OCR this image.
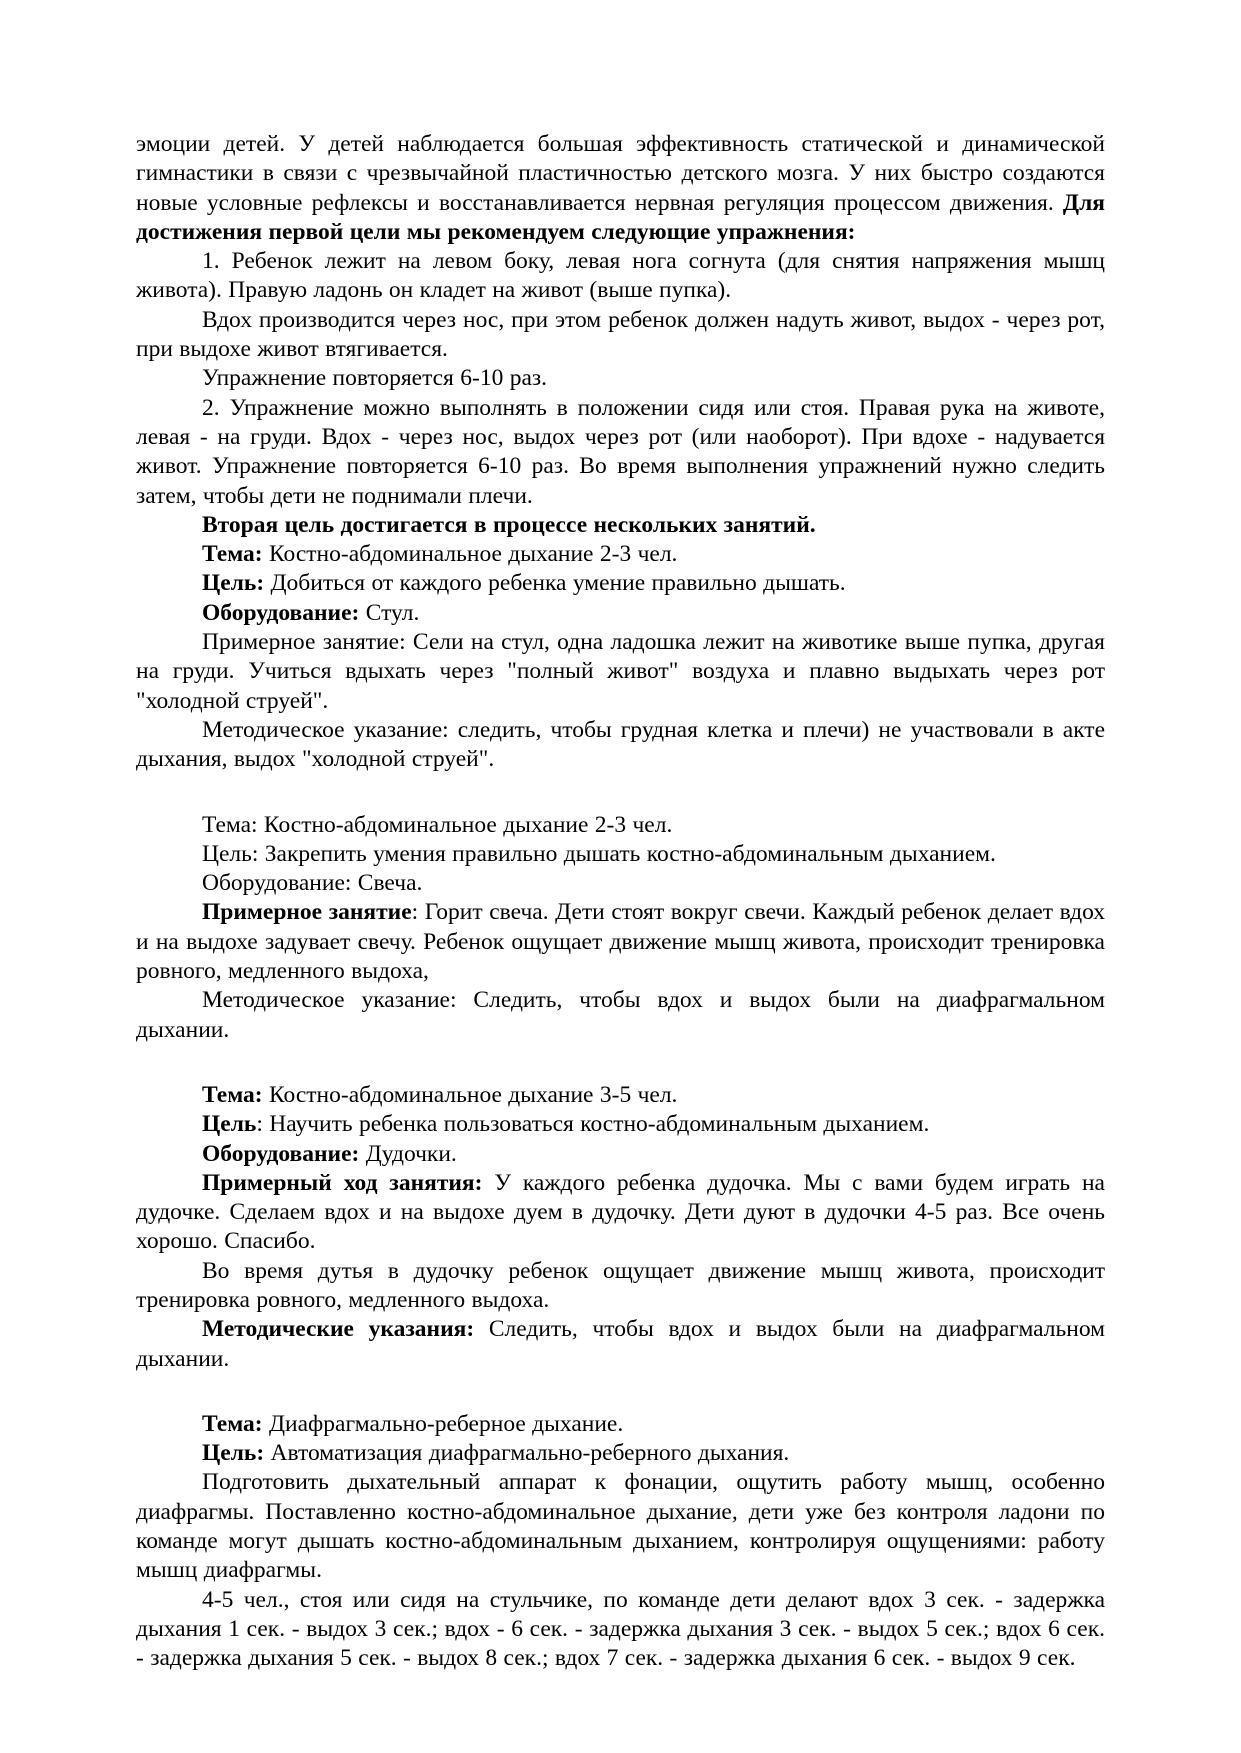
эмоции детей. У детей наблюдается большая эффективность статической и динамической гимнастики в связи с чрезвычайной пластичностью детского мозга. У них быстро создаются новые условные рефлексы и восстанавливается нервная регуляция процессом движения. Для достижения первой цели мы рекомендуем следующие упражнения:

1. Ребенок лежит на левом боку, левая нога согнута (для снятия напряжения мышц живота). Правую ладонь он кладет на живот (выше пупка).

Вдох производится через нос, при этом ребенок должен надуть живот, выдох - через рот, при выдохе живот втягивается.

Упражнение повторяется 6-10 раз.

2. Упражнение можно выполнять в положении сидя или стоя. Правая рука на животе, левая - на груди. Вдох - через нос, выдох через рот (или наоборот). При вдохе - надувается живот. Упражнение повторяется 6-10 раз. Во время выполнения упражнений нужно следить затем, чтобы дети не поднимали плечи.

Вторая цель достигается в процессе нескольких занятий.

Тема: Костно-абдоминальное дыхание 2-3 чел.

Цель: Добиться от каждого ребенка умение правильно дышать.

Оборудование: Стул.

Примерное занятие: Сели на стул, одна ладошка лежит на животике выше пупка, другая на груди. Учиться вдыхать через "полный живот" воздуха и плавно выдыхать через рот "холодной струей".

Методическое указание: следить, чтобы грудная клетка и плечи) не участвовали в акте дыхания, выдох "холодной струей".

Тема: Костно-абдоминальное дыхание 2-3 чел.

Цель: Закрепить умения правильно дышать костно-абдоминальным дыханием.

Оборудование: Свеча.

Примерное занятие: Горит свеча. Дети стоят вокруг свечи. Каждый ребенок делает вдох и на выдохе задувает свечу. Ребенок ощущает движение мышц живота, происходит тренировка ровного, медленного выдоха,

Методическое указание: Следить, чтобы вдох и выдох были на диафрагмальном дыхании.

Тема: Костно-абдоминальное дыхание 3-5 чел.

Цель: Научить ребенка пользоваться костно-абдоминальным дыханием.

Оборудование: Дудочки.

Примерный ход занятия: У каждого ребенка дудочка. Мы с вами будем играть на дудочке. Сделаем вдох и на выдохе дуем в дудочку. Дети дуют в дудочки 4-5 раз. Все очень хорошо. Спасибо.

Во время дутья в дудочку ребенок ощущает движение мышц живота, происходит тренировка ровного, медленного выдоха.

Методические указания: Следить, чтобы вдох и выдох были на диафрагмальном дыхании.

Тема: Диафрагмально-реберное дыхание.

Цель: Автоматизация диафрагмально-реберного дыхания.

Подготовить дыхательный аппарат к фонации, ощутить работу мышц, особенно диафрагмы. Поставленно костно-абдоминальное дыхание, дети уже без контроля ладони по команде могут дышать костно-абдоминальным дыханием, контролируя ощущениями: работу мышц диафрагмы.

4-5 чел., стоя или сидя на стульчике, по команде дети делают вдох 3 сек. - задержка дыхания 1 сек. - выдох 3 сек.; вдох - 6 сек. - задержка дыхания 3 сек. - выдох 5 сек.; вдох 6 сек. - задержка дыхания 5 сек. - выдох 8 сек.; вдох 7 сек. - задержка дыхания 6 сек. - выдох 9 сек.
